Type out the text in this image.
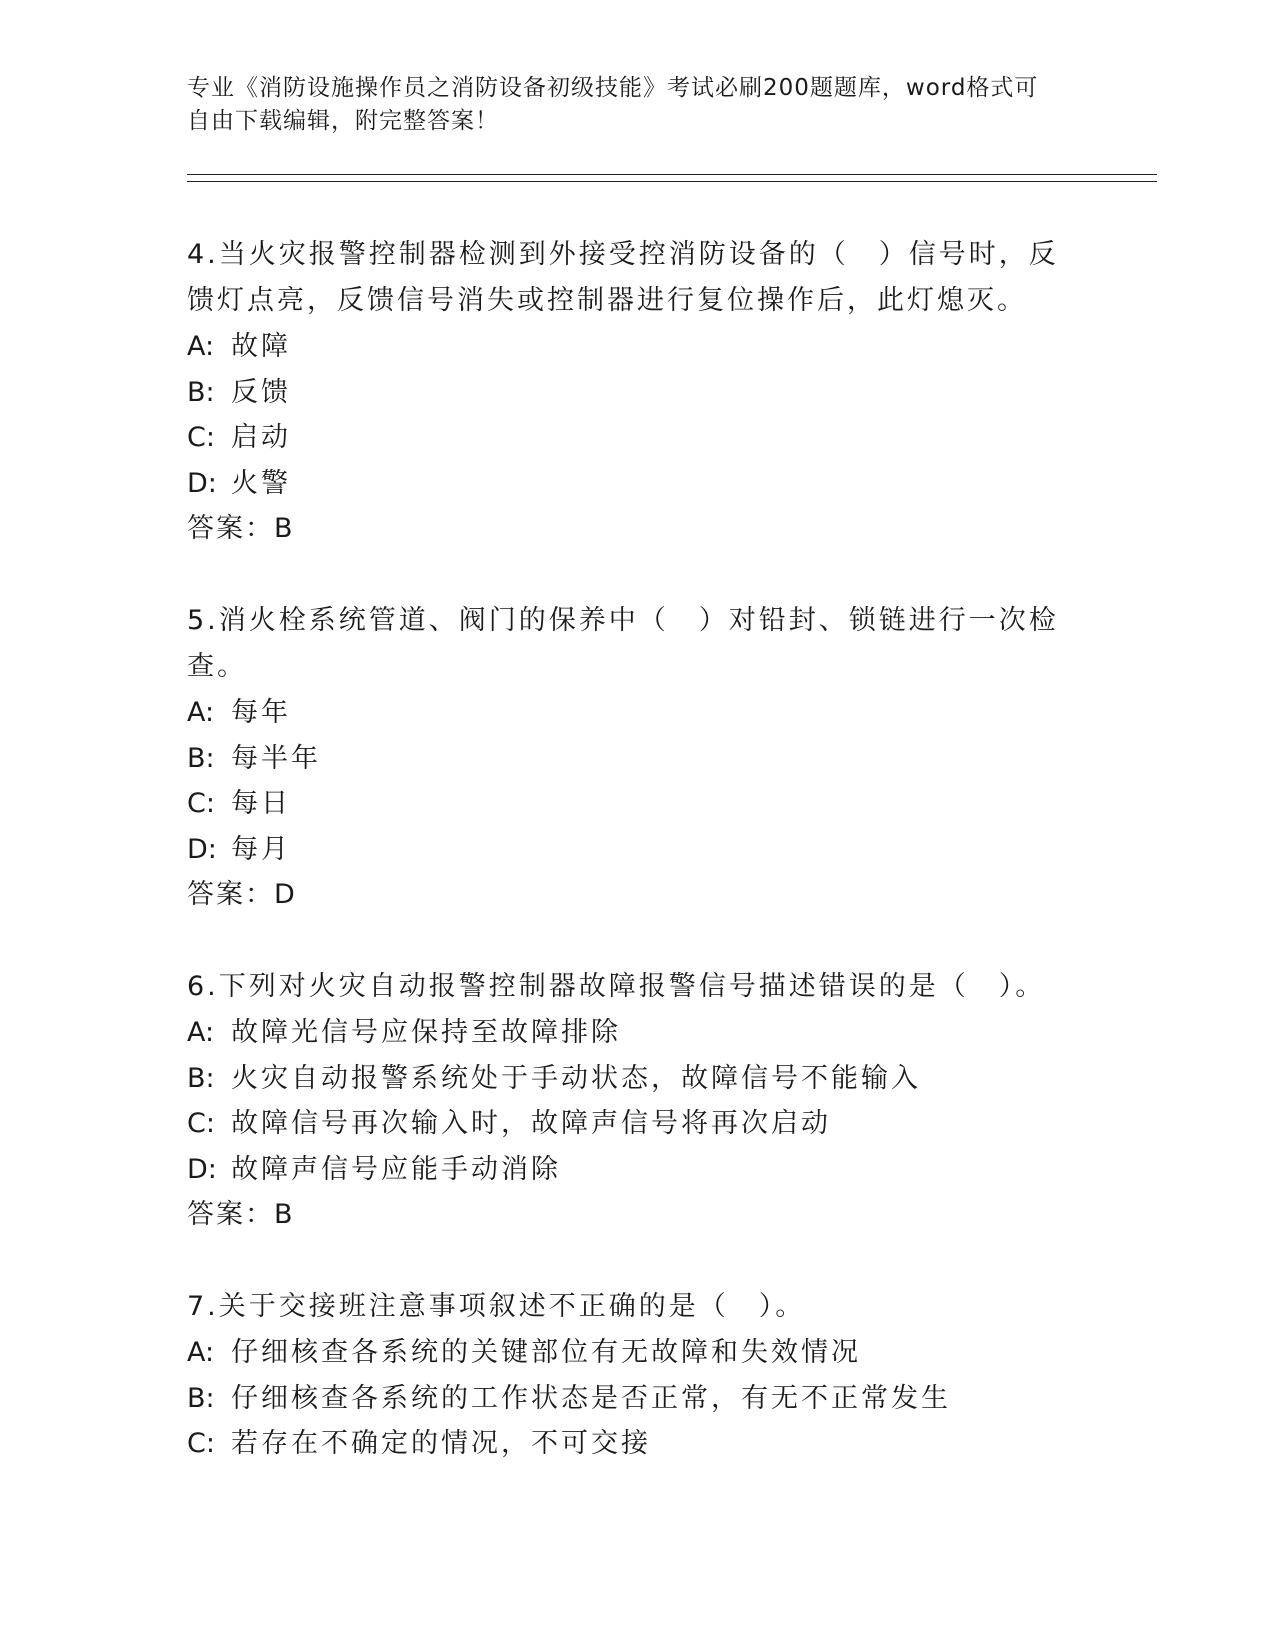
专业《消防设施操作员之消防设备初级技能》考试必刷200题题库，word格式可
自由下载编辑，附完整答案！
4.当火灾报警控制器检测到外接受控消防设备的（　）信号时，反馈灯点亮，反馈信号消失或控制器进行复位操作后，此灯熄灭。
A: 故障
B: 反馈
C: 启动
D: 火警
答案：B
5.消火栓系统管道、阀门的保养中（　）对铅封、锁链进行一次检查。
A: 每年
B: 每半年
C: 每日
D: 每月
答案：D
6.下列对火灾自动报警控制器故障报警信号描述错误的是（　）。
A: 故障光信号应保持至故障排除
B: 火灾自动报警系统处于手动状态，故障信号不能输入
C: 故障信号再次输入时，故障声信号将再次启动
D: 故障声信号应能手动消除
答案：B
7.关于交接班注意事项叙述不正确的是（　）。
A: 仔细核查各系统的关键部位有无故障和失效情况
B: 仔细核查各系统的工作状态是否正常，有无不正常发生
C: 若存在不确定的情况，不可交接
